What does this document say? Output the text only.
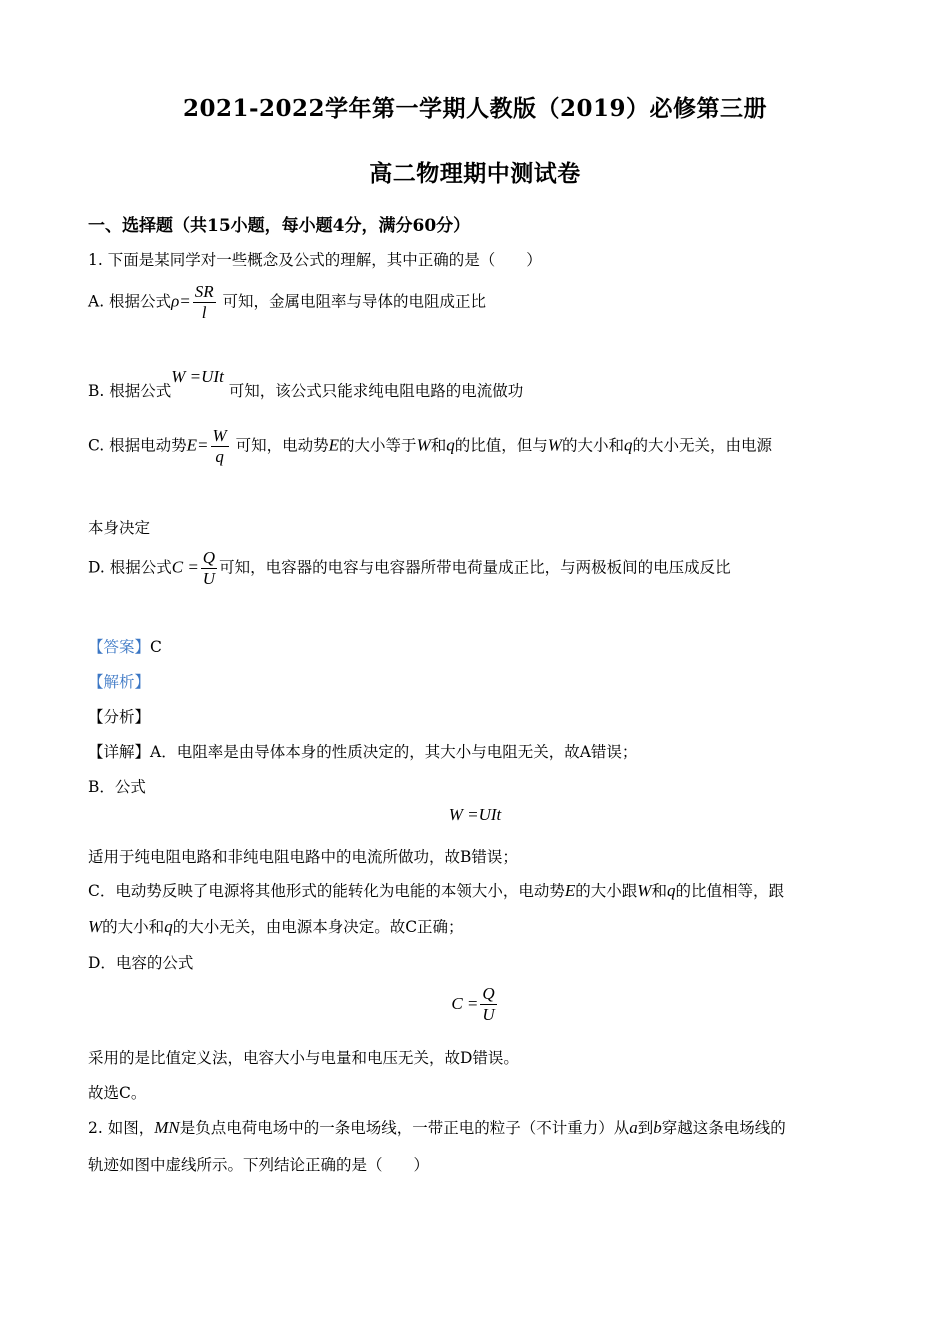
2021-2022学年第一学期人教版（2019）必修第三册
高二物理期中测试卷
一、选择题（共15小题，每小题4分，满分60分）
1. 下面是某同学对一些概念及公式的理解，其中正确的是（　　）
A. 根据公式$\rho= \frac{SR}{l}$ 可知，金属电阻率与导体的电阻成正比
B. 根据公式W =UIt 可知，该公式只能求纯电阻电路的电流做功
C. 根据电动势$E= \frac{W}{q}$ 可知，电动势E的大小等于W和q的比值，但与W的大小和q的大小无关，由电源
本身决定
D. 根据公式$C = \frac{Q}{U}$ 可知，电容器的电容与电容器所带电荷量成正比，与两极板间的电压成反比
【答案】C
【解析】
【分析】
【详解】A．电阻率是由导体本身的性质决定的，其大小与电阻无关，故A错误；
B．公式
W =UIt
适用于纯电阻电路和非纯电阻电路中的电流所做功，故B错误；
C．电动势反映了电源将其他形式的能转化为电能的本领大小，电动势E的大小跟W和q的比值相等，跟
W的大小和q的大小无关，由电源本身决定。故C正确；
D．电容的公式
$C = \frac{Q}{U}$
采用的是比值定义法，电容大小与电量和电压无关，故D错误。
故选C。
2. 如图，MN是负点电荷电场中的一条电场线，一带正电的粒子（不计重力）从a到b穿越这条电场线的
轨迹如图中虚线所示。下列结论正确的是（　　）
